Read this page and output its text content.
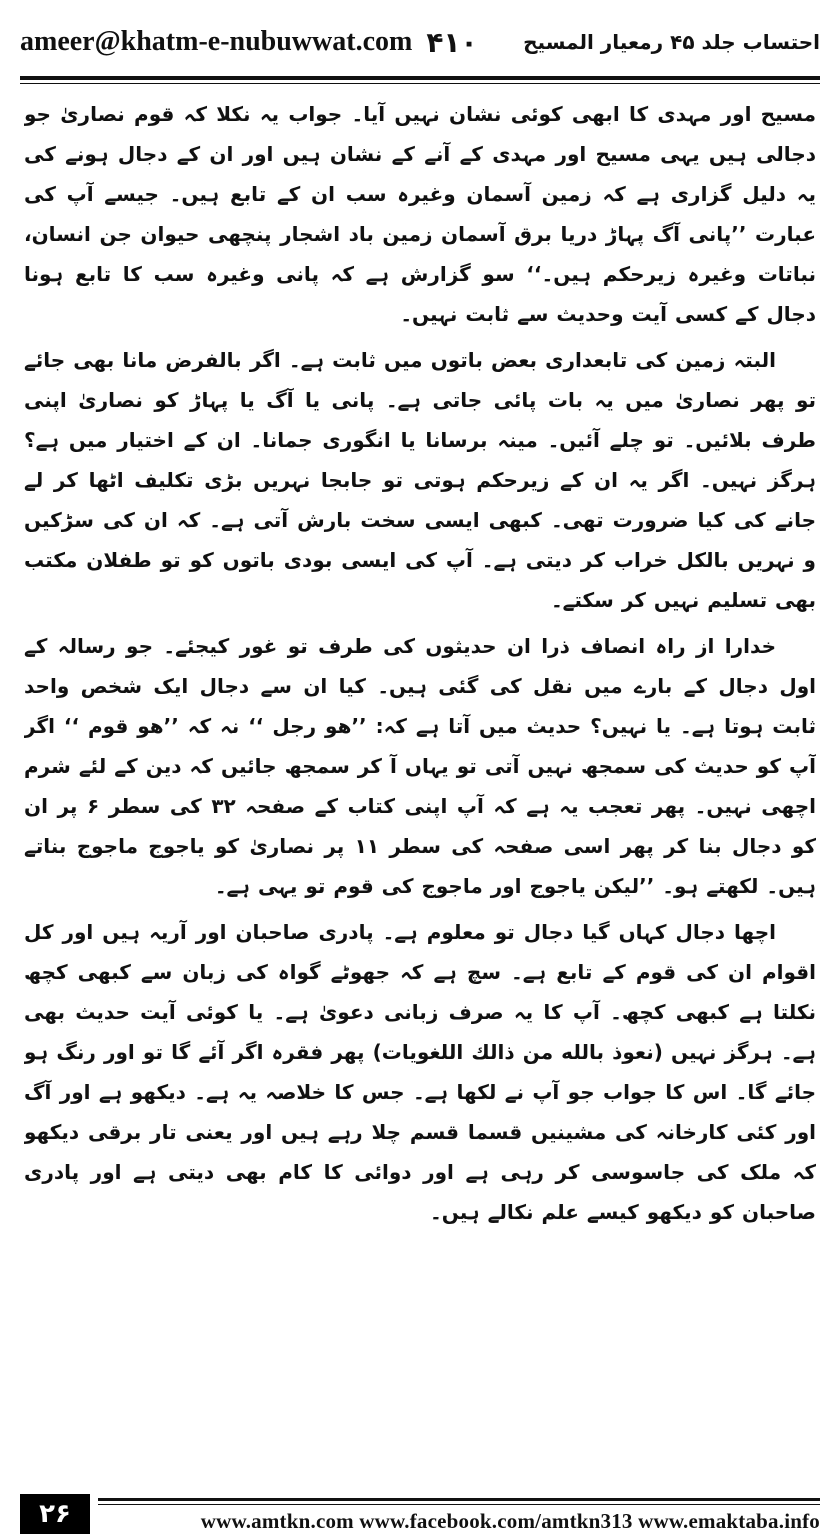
ameer@khatm-e-nubuwwat.com ۴۱۰ احتساب جلد ۴۵ رمعیار المسیح

مسیح اور مہدی کا ابھی کوئی نشان نہیں آیا۔ جواب یہ نکلا کہ قوم نصاریٰ جو دجالی ہیں یہی مسیح اور مہدی کے آنے کے نشان ہیں اور ان کے دجال ہونے کی یہ دلیل گزاری ہے کہ زمین آسمان وغیرہ سب ان کے تابع ہیں۔ جیسے آپ کی عبارت ’’پانی آگ پہاڑ دریا برق آسمان زمین باد اشجار پنچھی حیوان جن انسان، نباتات وغیرہ زیرحکم ہیں۔‘‘ سو گزارش ہے کہ پانی وغیرہ سب کا تابع ہونا دجال کے کسی آیت وحدیث سے ثابت نہیں۔

البتہ زمین کی تابعداری بعض باتوں میں ثابت ہے۔ اگر بالفرض مانا بھی جائے تو پھر نصاریٰ میں یہ بات پائی جاتی ہے۔ پانی یا آگ یا پہاڑ کو نصاریٰ اپنی طرف بلائیں۔ تو چلے آئیں۔ مینہ برسانا یا انگوری جمانا۔ ان کے اختیار میں ہے؟ ہرگز نہیں۔ اگر یہ ان کے زیرحکم ہوتی تو جابجا نہریں بڑی تکلیف اٹھا کر لے جانے کی کیا ضرورت تھی۔ کبھی ایسی سخت بارش آتی ہے۔ کہ ان کی سڑکیں و نہریں بالکل خراب کر دیتی ہے۔ آپ کی ایسی بودی باتوں کو تو طفلان مکتب بھی تسلیم نہیں کر سکتے۔

خدارا از راہ انصاف ذرا ان حدیثوں کی طرف تو غور کیجئے۔ جو رسالہ کے اول دجال کے بارے میں نقل کی گئی ہیں۔ کیا ان سے دجال ایک شخص واحد ثابت ہوتا ہے۔ یا نہیں؟ حدیث میں آتا ہے کہ: ’’هو رجل ‘‘ نہ کہ ’’هو قوم ‘‘ اگر آپ کو حدیث کی سمجھ نہیں آتی تو یہاں آ کر سمجھ جائیں کہ دین کے لئے شرم اچھی نہیں۔ پھر تعجب یہ ہے کہ آپ اپنی کتاب کے صفحہ ۳۲ کی سطر ۶ پر ان کو دجال بنا کر پھر اسی صفحہ کی سطر ۱۱ پر نصاریٰ کو یاجوج ماجوج بناتے ہیں۔ لکھتے ہو۔ ’’لیکن یاجوج اور ماجوج کی قوم تو یہی ہے۔

اچھا دجال کہاں گیا دجال تو معلوم ہے۔ پادری صاحبان اور آریہ ہیں اور کل اقوام ان کی قوم کے تابع ہے۔ سچ ہے کہ جھوٹے گواہ کی زبان سے کبھی کچھ نکلتا ہے کبھی کچھ۔ آپ کا یہ صرف زبانی دعویٰ ہے۔ یا کوئی آیت حدیث بھی ہے۔ ہرگز نہیں (نعوذ بالله من ذالك اللغويات) پھر فقرہ اگر آئے گا تو اور رنگ ہو جائے گا۔ اس کا جواب جو آپ نے لکھا ہے۔ جس کا خلاصہ یہ ہے۔ دیکھو ہے اور آگ اور کئی کارخانہ کی مشینیں قسما قسم چلا رہے ہیں اور یعنی تار برقی دیکھو کہ ملک کی جاسوسی کر رہی ہے اور دوائی کا کام بھی دیتی ہے اور پادری صاحبان کو دیکھو کیسے علم نکالے ہیں۔

۲۶	www.amtkn.com www.facebook.com/amtkn313 www.emaktaba.info
